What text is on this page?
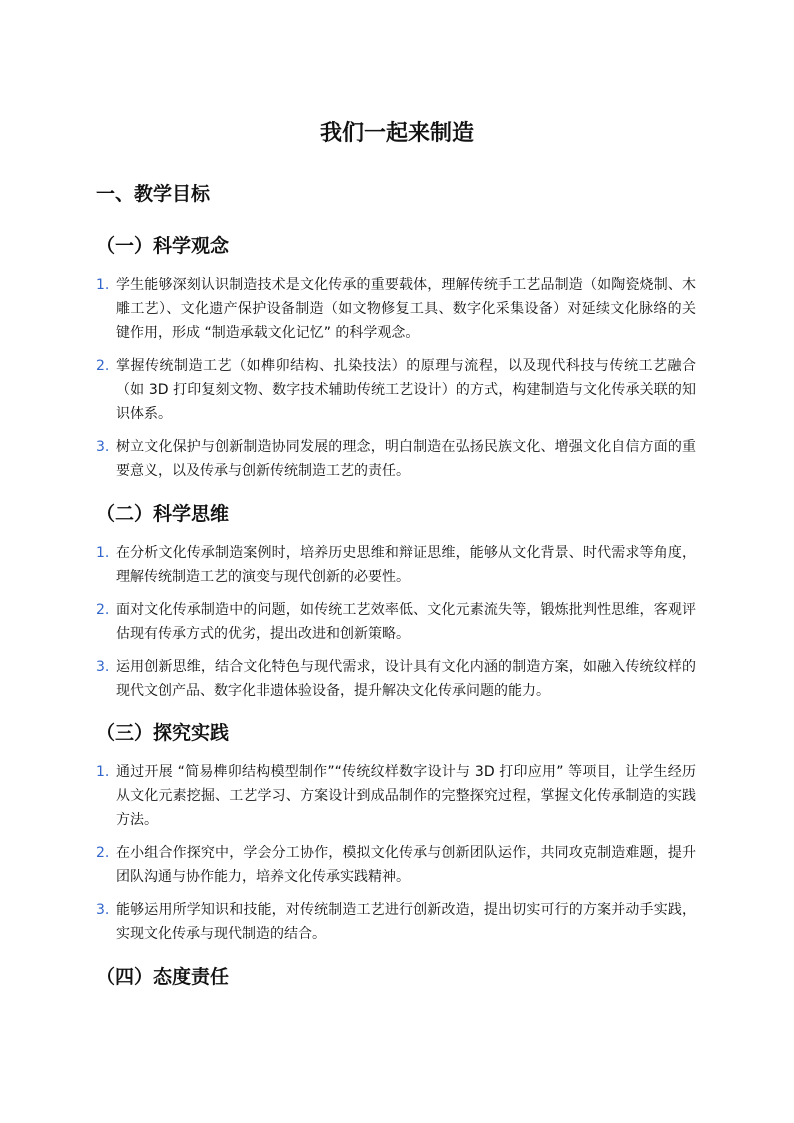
我们一起来制造
一、教学目标
（一）科学观念
1. 学生能够深刻认识制造技术是文化传承的重要载体，理解传统手工艺品制造（如陶瓷烧制、木雕工艺）、文化遗产保护设备制造（如文物修复工具、数字化采集设备）对延续文化脉络的关键作用，形成 “制造承载文化记忆” 的科学观念。
2. 掌握传统制造工艺（如榫卯结构、扎染技法）的原理与流程，以及现代科技与传统工艺融合（如 3D 打印复刻文物、数字技术辅助传统工艺设计）的方式，构建制造与文化传承关联的知识体系。
3. 树立文化保护与创新制造协同发展的理念，明白制造在弘扬民族文化、增强文化自信方面的重要意义，以及传承与创新传统制造工艺的责任。
（二）科学思维
1. 在分析文化传承制造案例时，培养历史思维和辩证思维，能够从文化背景、时代需求等角度，理解传统制造工艺的演变与现代创新的必要性。
2. 面对文化传承制造中的问题，如传统工艺效率低、文化元素流失等，锻炼批判性思维，客观评估现有传承方式的优劣，提出改进和创新策略。
3. 运用创新思维，结合文化特色与现代需求，设计具有文化内涵的制造方案，如融入传统纹样的现代文创产品、数字化非遗体验设备，提升解决文化传承问题的能力。
（三）探究实践
1. 通过开展 “简易榫卯结构模型制作”“传统纹样数字设计与 3D 打印应用” 等项目，让学生经历从文化元素挖掘、工艺学习、方案设计到成品制作的完整探究过程，掌握文化传承制造的实践方法。
2. 在小组合作探究中，学会分工协作，模拟文化传承与创新团队运作，共同攻克制造难题，提升团队沟通与协作能力，培养文化传承实践精神。
3. 能够运用所学知识和技能，对传统制造工艺进行创新改造，提出切实可行的方案并动手实践，实现文化传承与现代制造的结合。
（四）态度责任
